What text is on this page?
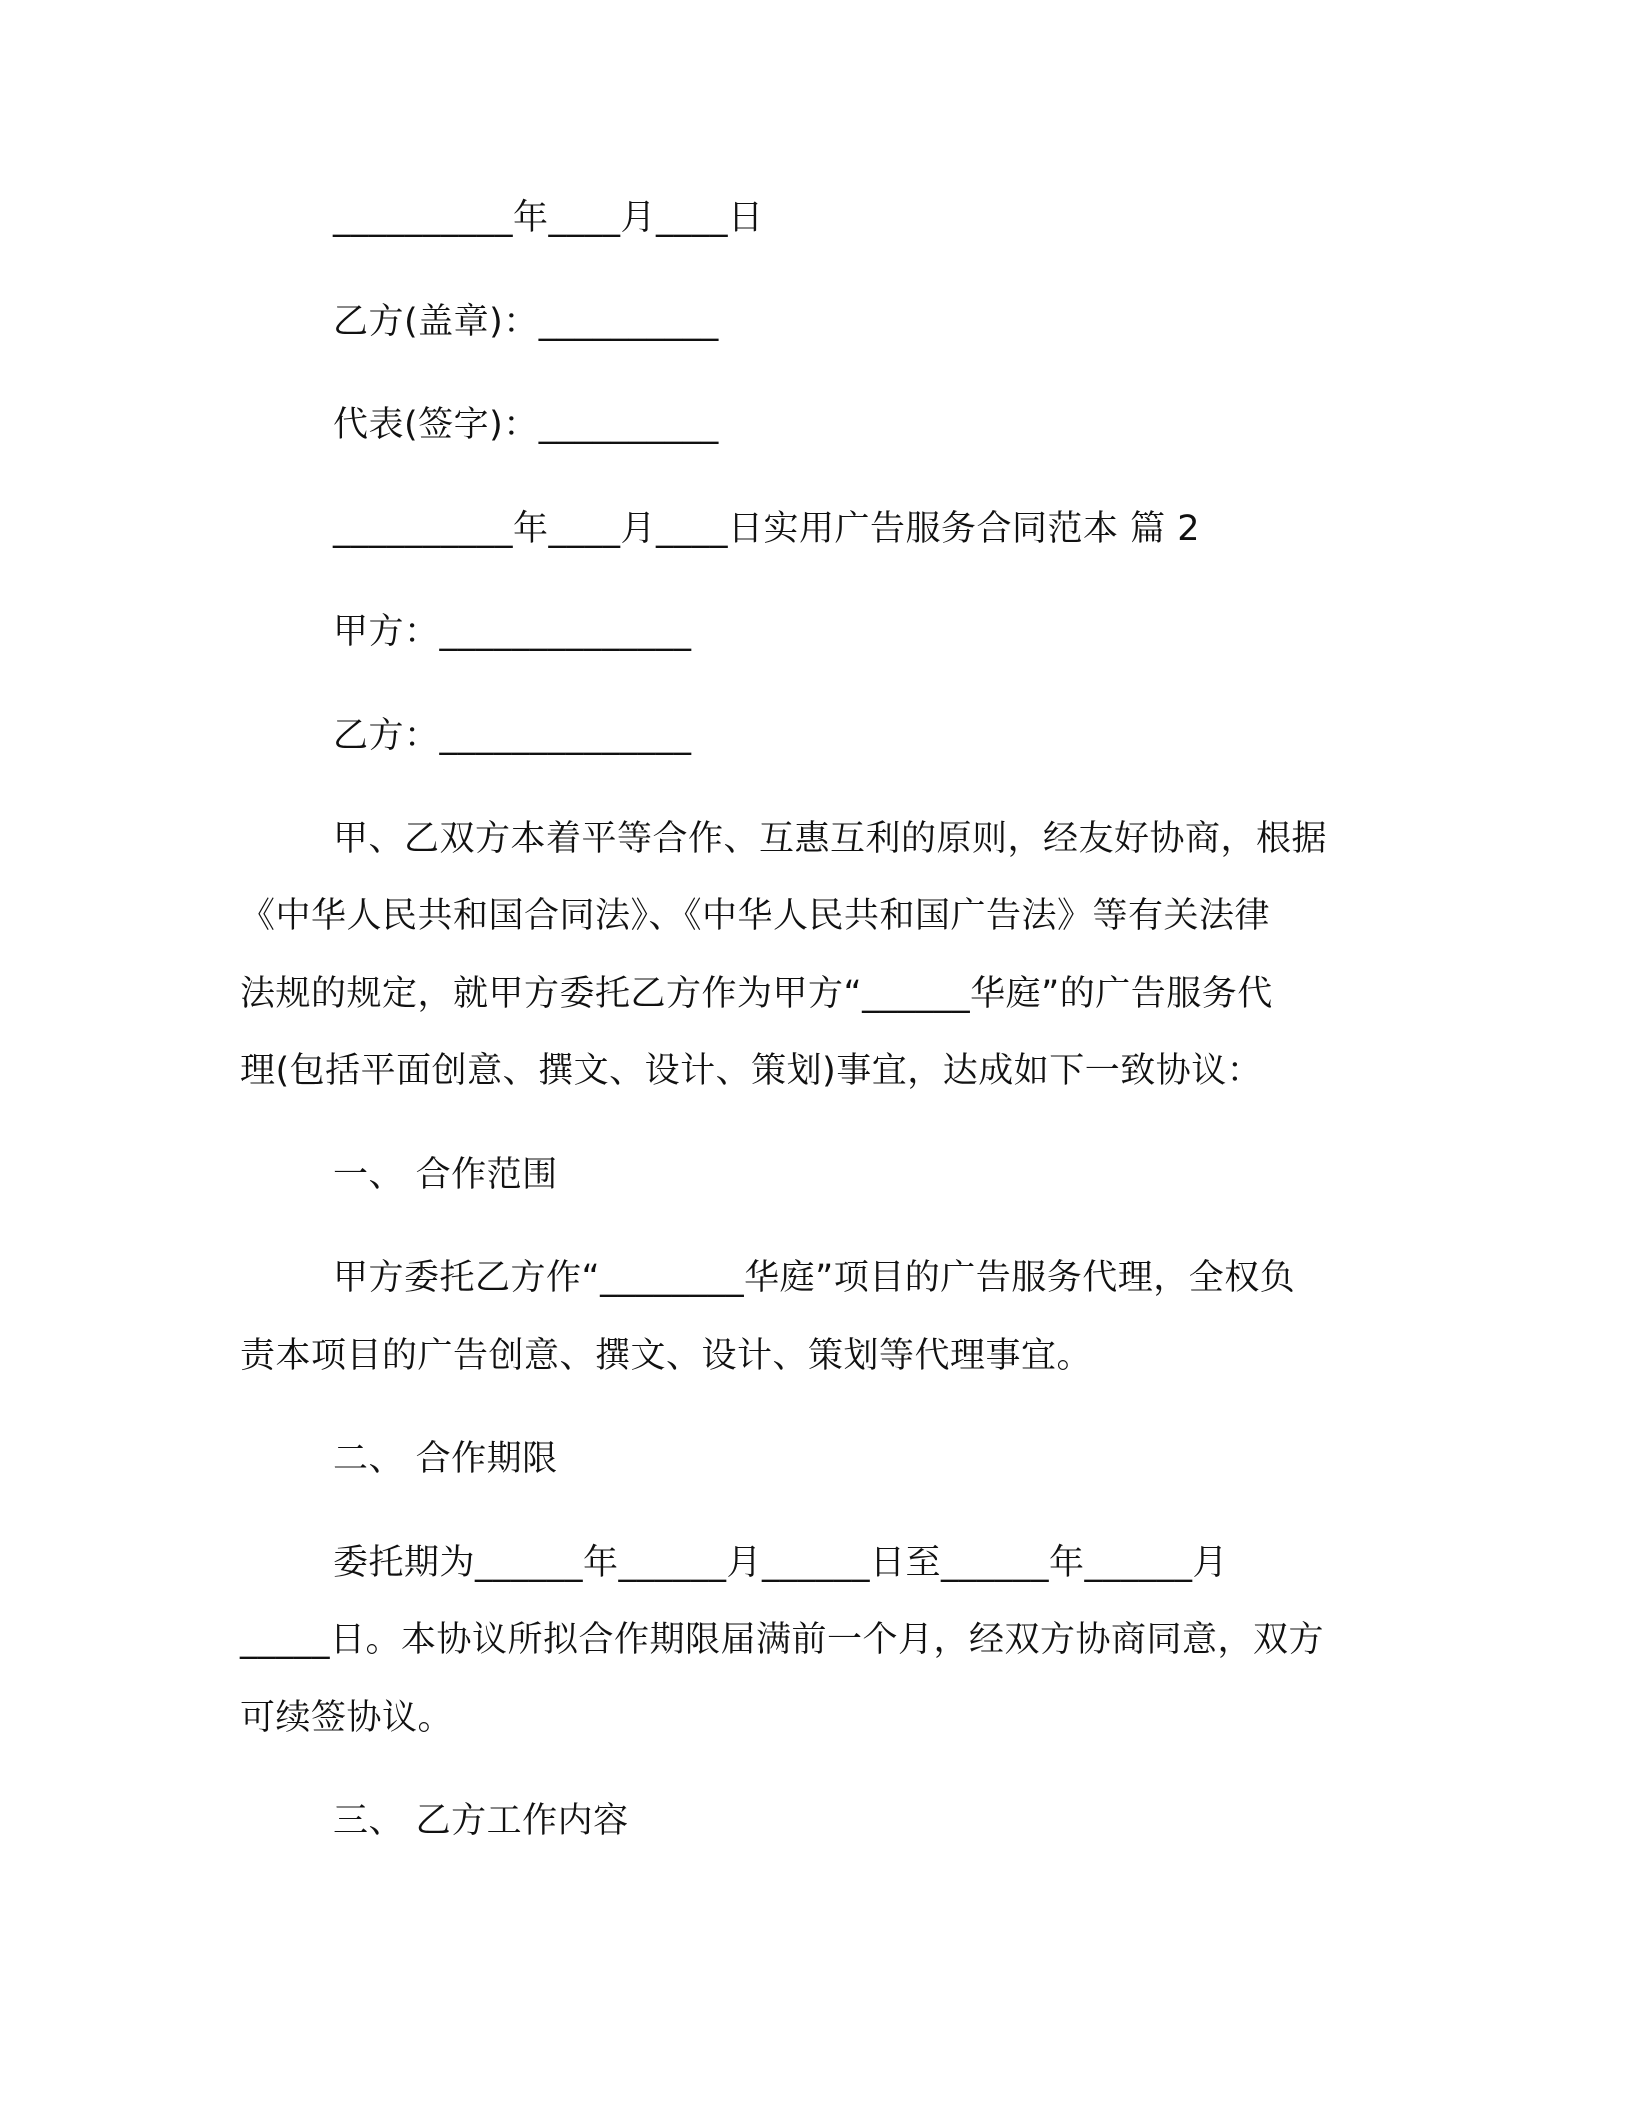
__________年____月____日
乙方(盖章)：__________
代表(签字)：__________
__________年____月____日实用广告服务合同范本 篇 2
甲方：______________
乙方：______________
甲、乙双方本着平等合作、互惠互利的原则，经友好协商，根据
《中华人民共和国合同法》、《中华人民共和国广告法》等有关法律
法规的规定，就甲方委托乙方作为甲方“______华庭”的广告服务代
理(包括平面创意、撰文、设计、策划)事宜，达成如下一致协议：
一、 合作范围
甲方委托乙方作“________华庭”项目的广告服务代理，全权负
责本项目的广告创意、撰文、设计、策划等代理事宜。
二、 合作期限
委托期为______年______月______日至______年______月
_____日。本协议所拟合作期限届满前一个月，经双方协商同意，双方
可续签协议。
三、 乙方工作内容
